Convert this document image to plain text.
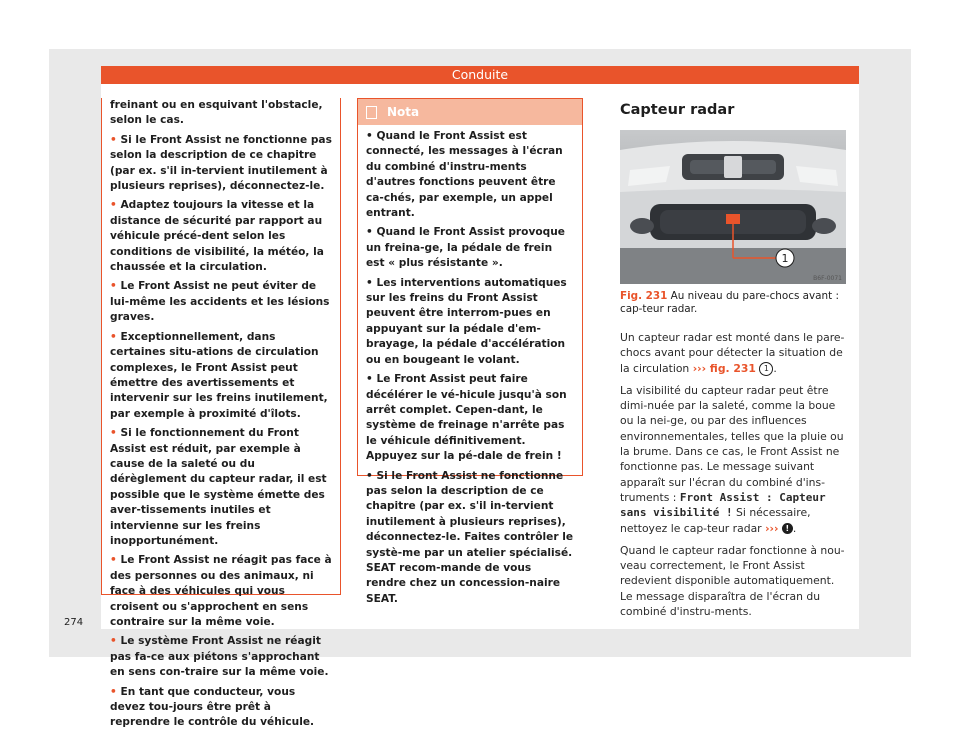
Conduite

freinant ou en esquivant l'obstacle, selon le cas.

• Si le Front Assist ne fonctionne pas selon la description de ce chapitre (par ex. s'il in-tervient inutilement à plusieurs reprises), déconnectez-le.

• Adaptez toujours la vitesse et la distance de sécurité par rapport au véhicule précé-dent selon les conditions de visibilité, la météo, la chaussée et la circulation.

• Le Front Assist ne peut éviter de lui-même les accidents et les lésions graves.

• Exceptionnellement, dans certaines situ-ations de circulation complexes, le Front Assist peut émettre des avertissements et intervenir sur les freins inutilement, par exemple à proximité d'îlots.

• Si le fonctionnement du Front Assist est réduit, par exemple à cause de la saleté ou du dérèglement du capteur radar, il est possible que le système émette des aver-tissements inutiles et intervienne sur les freins inopportunément.

• Le Front Assist ne réagit pas face à des personnes ou des animaux, ni face à des véhicules qui vous croisent ou s'approchent en sens contraire sur la même voie.

• Le système Front Assist ne réagit pas fa-ce aux piétons s'approchant en sens con-traire sur la même voie.

• En tant que conducteur, vous devez tou-jours être prêt à reprendre le contrôle du véhicule.

Nota

• Quand le Front Assist est connecté, les messages à l'écran du combiné d'instru-ments d'autres fonctions peuvent être ca-chés, par exemple, un appel entrant.

• Quand le Front Assist provoque un freina-ge, la pédale de frein est « plus résistante ».

• Les interventions automatiques sur les freins du Front Assist peuvent être interrom-pues en appuyant sur la pédale d'em-brayage, la pédale d'accélération ou en bougeant le volant.

• Le Front Assist peut faire décélérer le vé-hicule jusqu'à son arrêt complet. Cepen-dant, le système de freinage n'arrête pas le véhicule définitivement. Appuyez sur la pé-dale de frein !

• Si le Front Assist ne fonctionne pas selon la description de ce chapitre (par ex. s'il in-tervient inutilement à plusieurs reprises), déconnectez-le. Faites contrôler le systè-me par un atelier spécialisé. SEAT recom-mande de vous rendre chez un concession-naire SEAT.

Capteur radar
1
B6F-0071
Fig. 231 Au niveau du pare-chocs avant : cap-teur radar.

Un capteur radar est monté dans le pare-chocs avant pour détecter la situation de la circulation ››› fig. 231 1 .

La visibilité du capteur radar peut être dimi-nuée par la saleté, comme la boue ou la nei-ge, ou par des influences environnementales, telles que la pluie ou la brume. Dans ce cas, le Front Assist ne fonctionne pas. Le message suivant apparaît sur l'écran du combiné d'ins-truments : Front Assist : Capteur sans visibilité ! Si nécessaire, nettoyez le cap-teur radar ››› ! .

Quand le capteur radar fonctionne à nou-veau correctement, le Front Assist redevient disponible automatiquement. Le message disparaîtra de l'écran du combiné d'instru-ments.

274
